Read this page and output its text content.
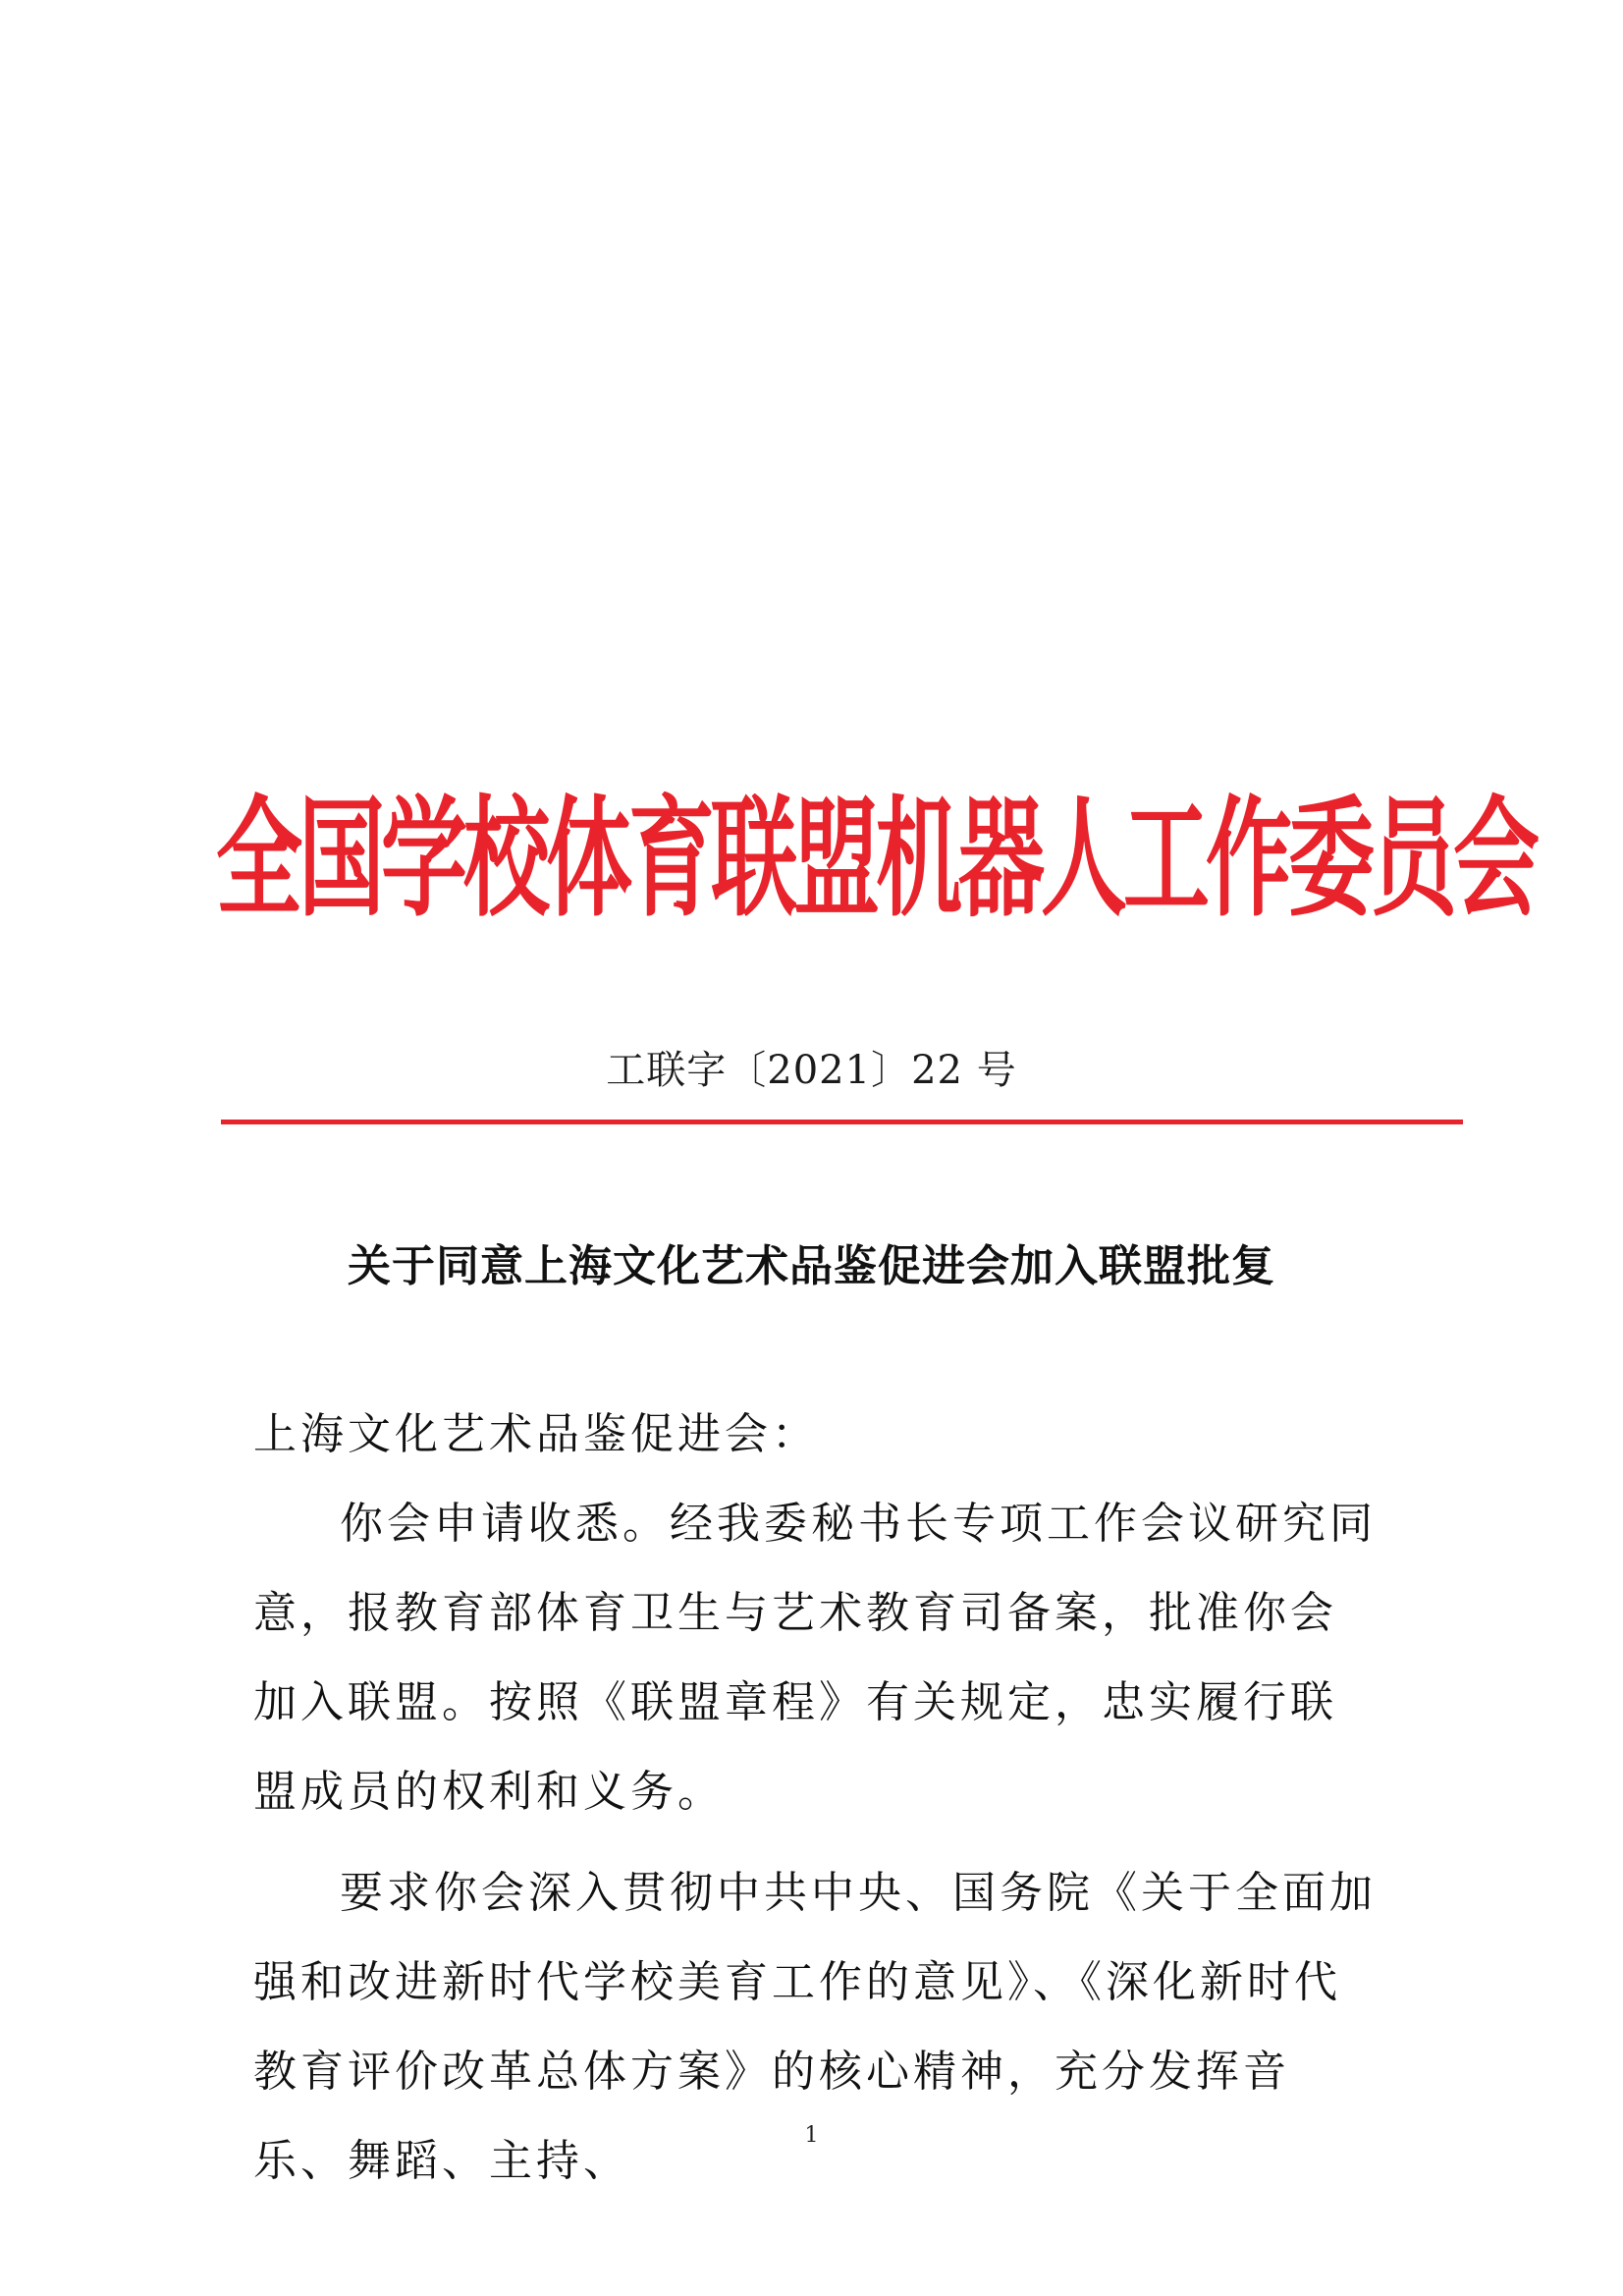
全国学校体育联盟机器人工作委员会
工联字〔2021〕22 号
关于同意上海文化艺术品鉴促进会加入联盟批复

上海文化艺术品鉴促进会：

你会申请收悉。经我委秘书长专项工作会议研究同意，报教育部体育卫生与艺术教育司备案，批准你会加入联盟。按照《联盟章程》有关规定，忠实履行联盟成员的权利和义务。

要求你会深入贯彻中共中央、国务院《关于全面加强和改进新时代学校美育工作的意见》、《深化新时代教育评价改革总体方案》的核心精神，充分发挥音乐、舞蹈、主持、

1
